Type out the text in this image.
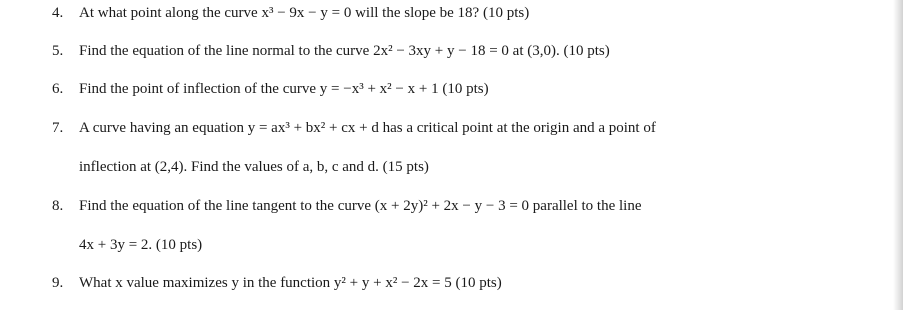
4.	At what point along the curve x³ − 9x − y = 0 will the slope be 18? (10 pts)
5.	Find the equation of the line normal to the curve 2x² − 3xy + y − 18 = 0 at (3,0). (10 pts)
6.	Find the point of inflection of the curve y = −x³ + x² − x + 1 (10 pts)
7.	A curve having an equation y = ax³ + bx² + cx + d has a critical point at the origin and a point of
inflection at (2,4). Find the values of a, b, c and d. (15 pts)
8.	Find the equation of the line tangent to the curve (x + 2y)² + 2x − y − 3 = 0 parallel to the line
4x + 3y = 2. (10 pts)
9.	What x value maximizes y in the function y² + y + x² − 2x = 5 (10 pts)
